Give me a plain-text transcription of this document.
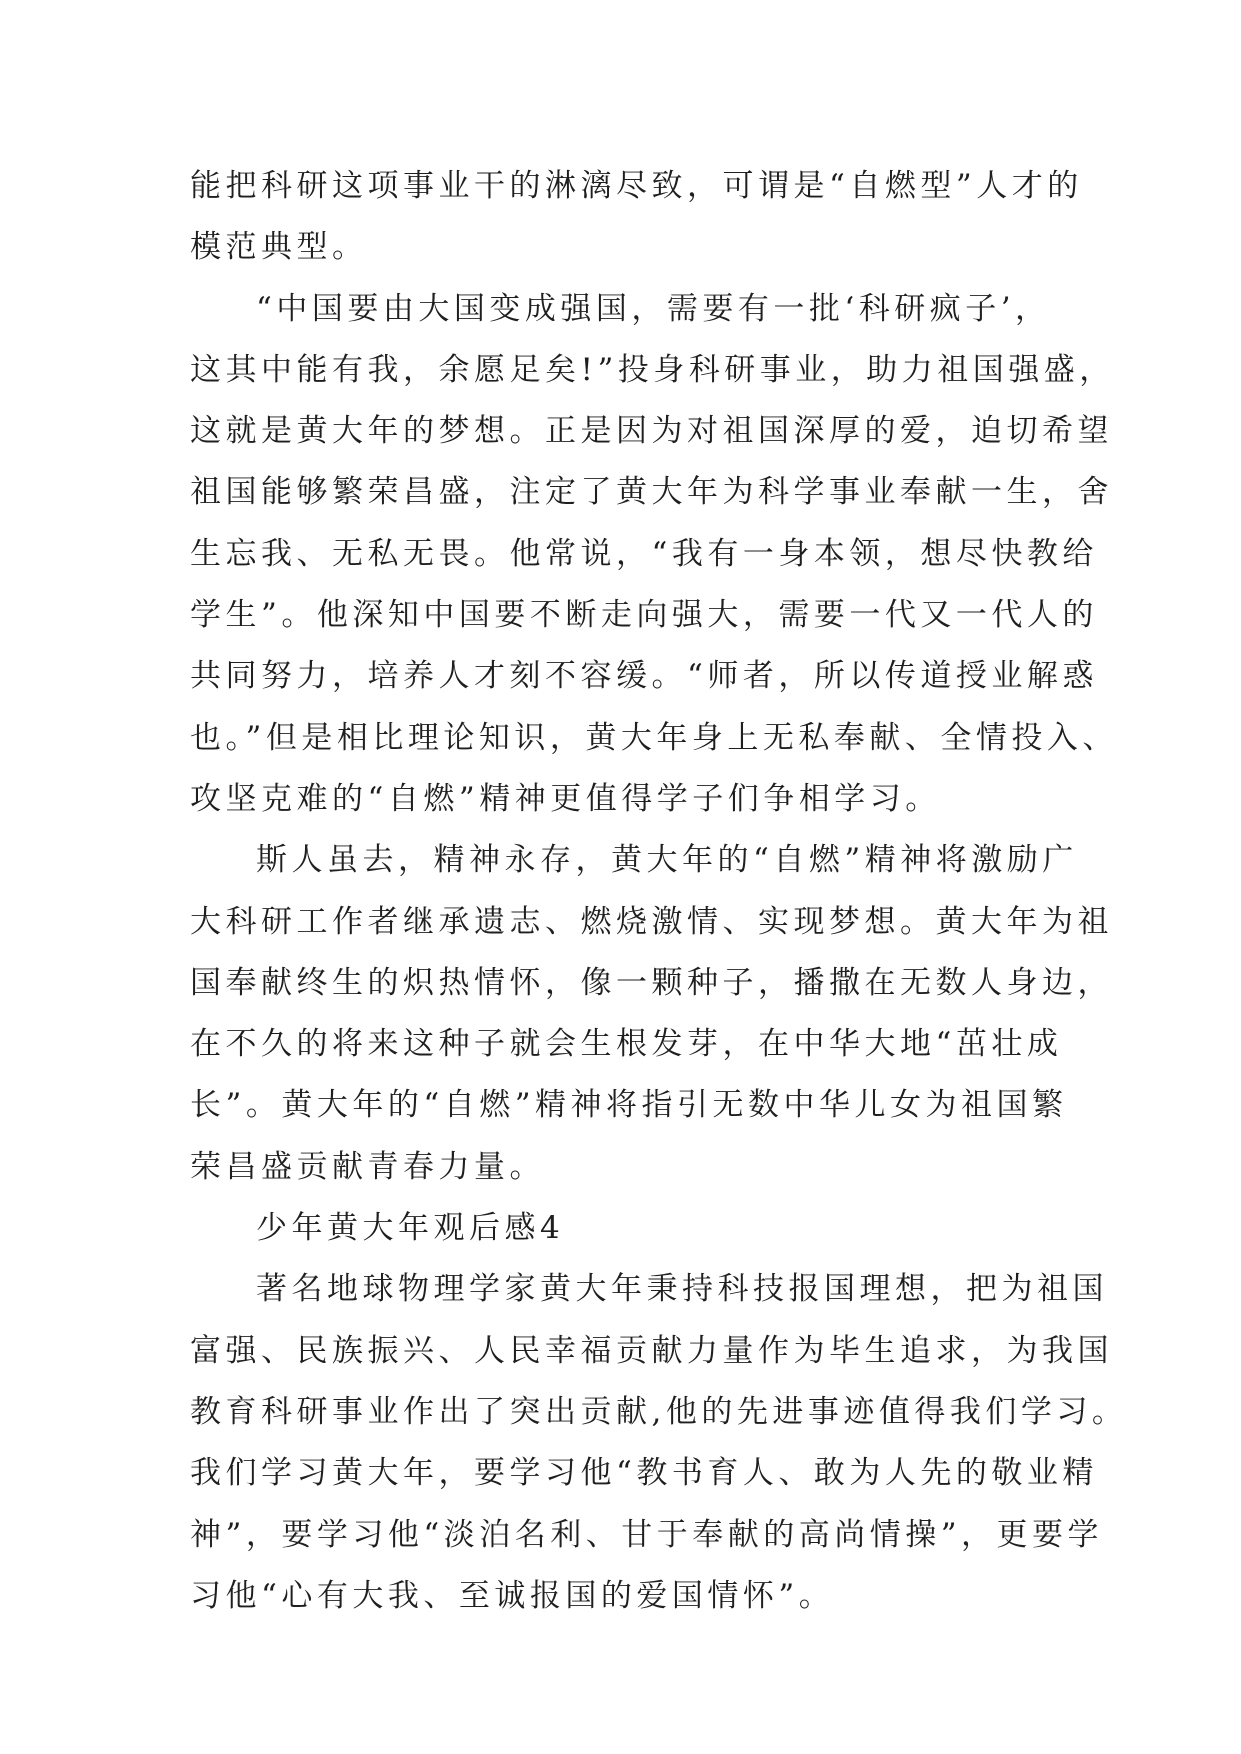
能把科研这项事业干的淋漓尽致，可谓是“自燃型”人才的
模范典型。
“中国要由大国变成强国，需要有一批‘科研疯子’，
这其中能有我，余愿足矣!”投身科研事业，助力祖国强盛，
这就是黄大年的梦想。正是因为对祖国深厚的爱，迫切希望
祖国能够繁荣昌盛，注定了黄大年为科学事业奉献一生，舍
生忘我、无私无畏。他常说，“我有一身本领，想尽快教给
学生”。他深知中国要不断走向强大，需要一代又一代人的
共同努力，培养人才刻不容缓。“师者，所以传道授业解惑
也。”但是相比理论知识，黄大年身上无私奉献、全情投入、
攻坚克难的“自燃”精神更值得学子们争相学习。
斯人虽去，精神永存，黄大年的“自燃”精神将激励广
大科研工作者继承遗志、燃烧激情、实现梦想。黄大年为祖
国奉献终生的炽热情怀，像一颗种子，播撒在无数人身边，
在不久的将来这种子就会生根发芽，在中华大地“茁壮成
长”。黄大年的“自燃”精神将指引无数中华儿女为祖国繁
荣昌盛贡献青春力量。
少年黄大年观后感4
著名地球物理学家黄大年秉持科技报国理想，把为祖国
富强、民族振兴、人民幸福贡献力量作为毕生追求，为我国
教育科研事业作出了突出贡献,他的先进事迹值得我们学习。
我们学习黄大年，要学习他“教书育人、敢为人先的敬业精
神”，要学习他“淡泊名利、甘于奉献的高尚情操”，更要学
习他“心有大我、至诚报国的爱国情怀”。
